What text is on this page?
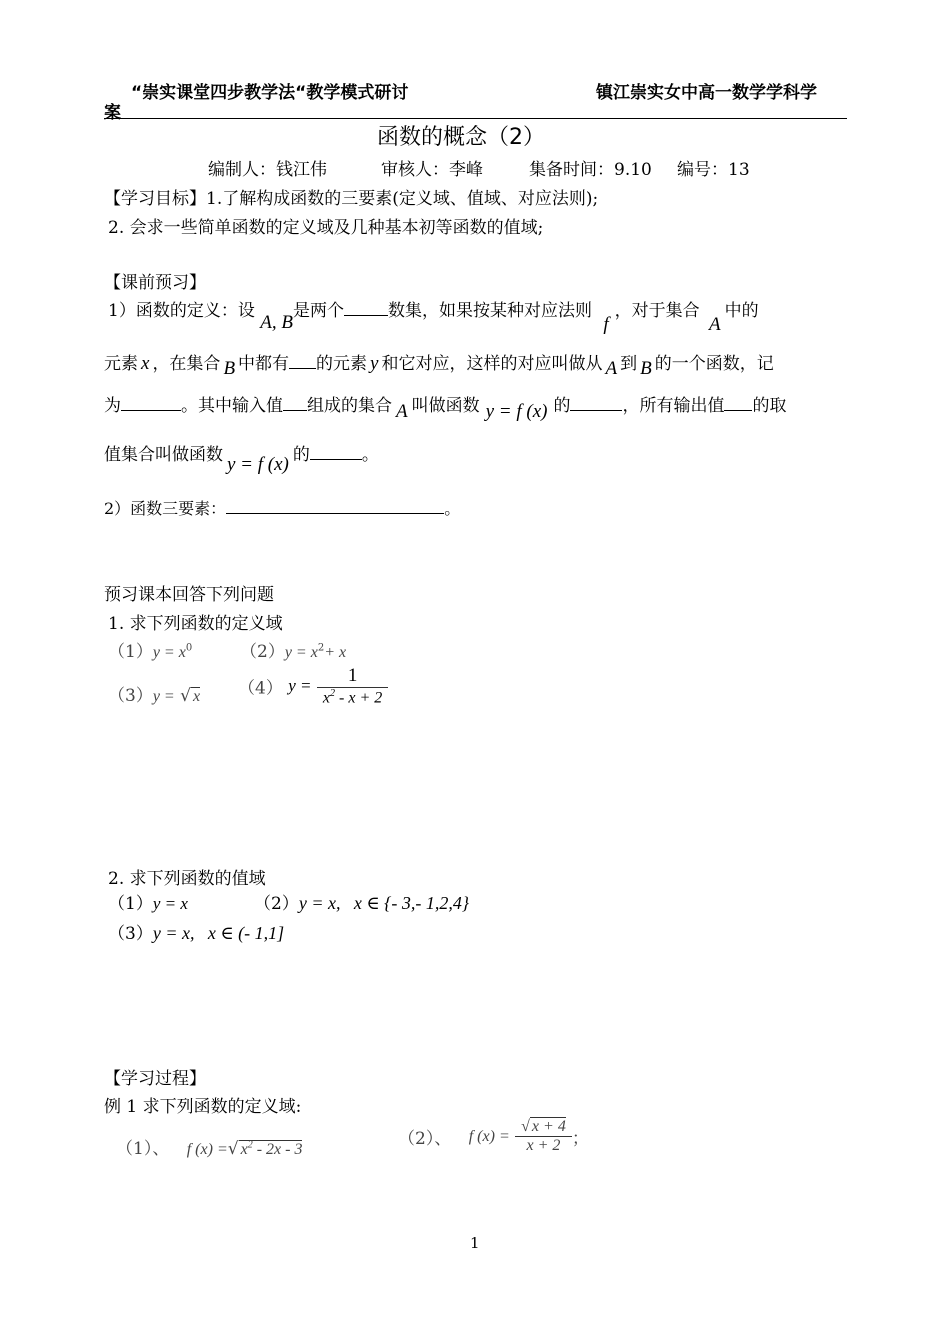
“崇实课堂四步教学法“教学模式研讨
案
镇江崇实女中高一数学学科学
函数的概念（2）
编制人：钱江伟	审核人：李峰	集备时间：9.10 编号：13
【学习目标】1.了解构成函数的三要素(定义域、值域、对应法则);
2. 会求一些简单函数的定义域及几种基本初等函数的值域;
【课前预习】
1）函数的定义：设 A, B是两个	数集，如果按某种对应法则 f，对于集合 A中的
元素 x ，在集合 B 中都有 的元素 y 和它对应，这样的对应叫做从 A 到 B 的一个函数，记
为	。其中输入值 组成的集合 A 叫做函数 y = f (x) 的	，所有输出值 的取
值集合叫做函数 y = f (x) 的	。
2）函数三要素：	。
预习课本回答下列问题
1. 求下列函数的定义域
$(1)y = x^0$	$(2)y = x^2+ x$
（3）y = √ x （4） $y = \frac{1}{x^2 - x + 2}$
2. 求下列函数的值域
（1）y = x	（2）y = x, x ∈ {- 3,- 1,2,4}
（3）y = x, x ∈ (- 1,1]
【学习过程】
例 1 求下列函数的定义域:
（1）、 f (x) =√ $x^2 - 2x - 3$
（2）、 f $(x) = \frac{√ x + 4}{x + 2}$ ；
1
